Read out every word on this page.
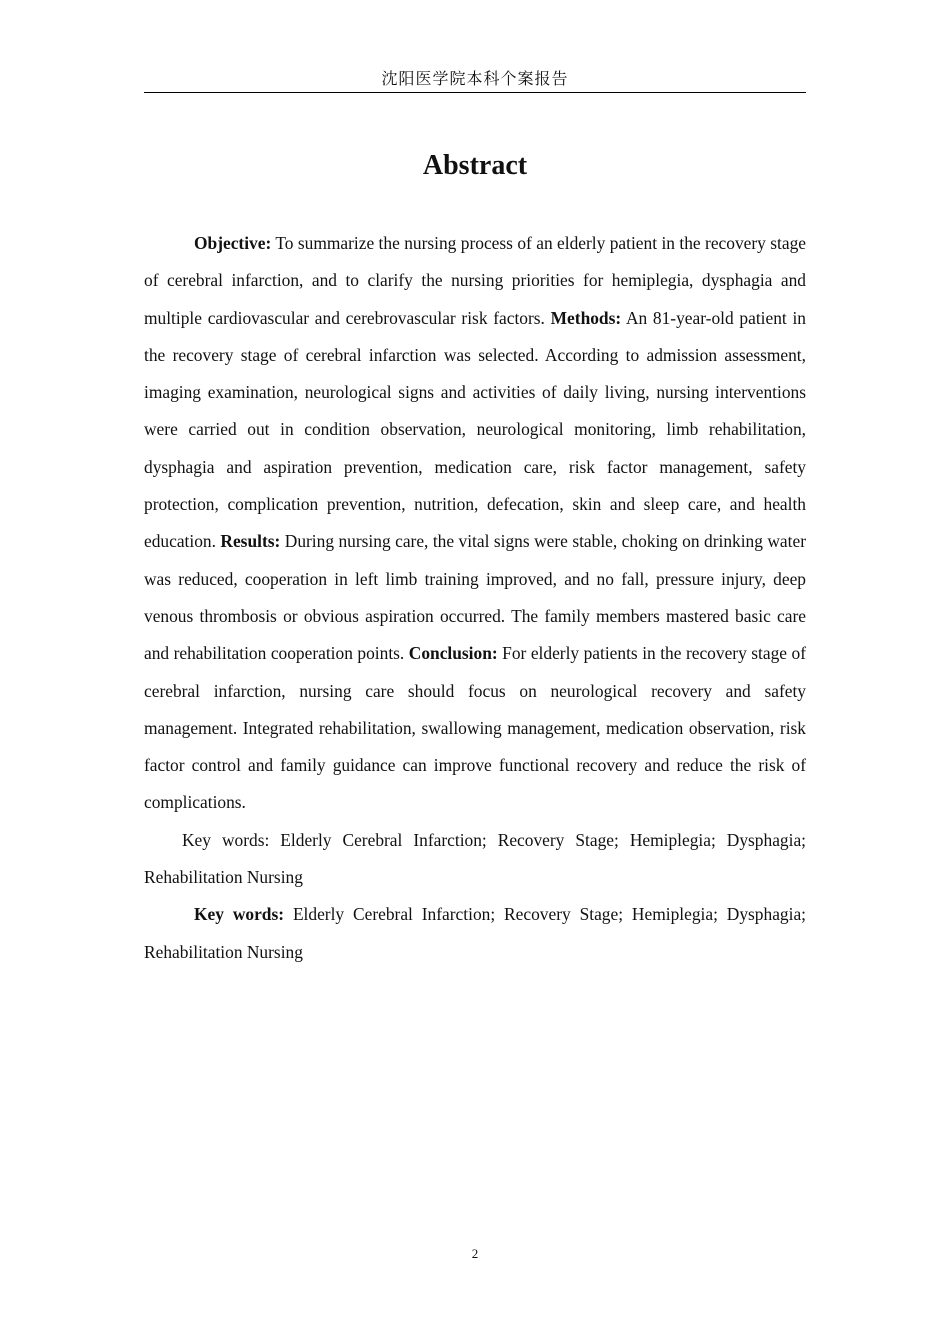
沈阳医学院本科个案报告
Abstract

Objective: To summarize the nursing process of an elderly patient in the recovery stage of cerebral infarction, and to clarify the nursing priorities for hemiplegia, dysphagia and multiple cardiovascular and cerebrovascular risk factors. Methods: An 81-year-old patient in the recovery stage of cerebral infarction was selected. According to admission assessment, imaging examination, neurological signs and activities of daily living, nursing interventions were carried out in condition observation, neurological monitoring, limb rehabilitation, dysphagia and aspiration prevention, medication care, risk factor management, safety protection, complication prevention, nutrition, defecation, skin and sleep care, and health education. Results: During nursing care, the vital signs were stable, choking on drinking water was reduced, cooperation in left limb training improved, and no fall, pressure injury, deep venous thrombosis or obvious aspiration occurred. The family members mastered basic care and rehabilitation cooperation points. Conclusion: For elderly patients in the recovery stage of cerebral infarction, nursing care should focus on neurological recovery and safety management. Integrated rehabilitation, swallowing management, medication observation, risk factor control and family guidance can improve functional recovery and reduce the risk of complications.

Key words: Elderly Cerebral Infarction; Recovery Stage; Hemiplegia; Dysphagia; Rehabilitation Nursing

Key words: Elderly Cerebral Infarction; Recovery Stage; Hemiplegia; Dysphagia; Rehabilitation Nursing

2
